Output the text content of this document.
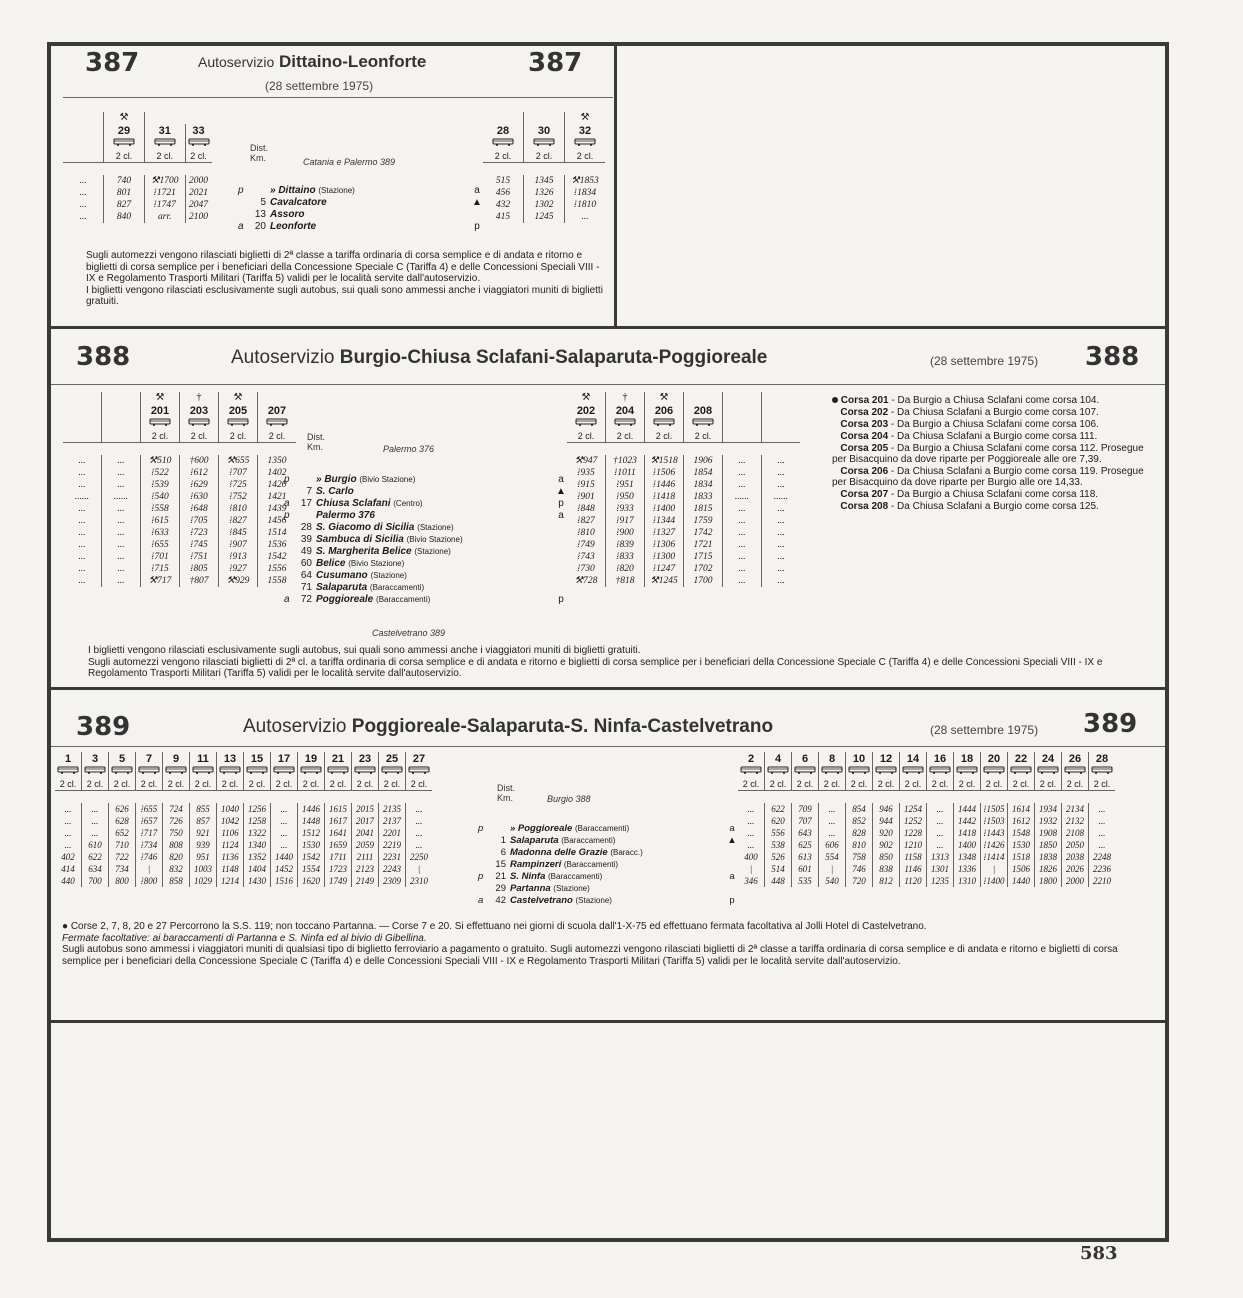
387	Autoservizio Dittaino-Leonforte	387
(28 settembre 1975)
	⚒		
	29	31	33

	2 cl.	2 cl.	2 cl.

...	740	⚒1700	2000
...	801	⁞1721	2021
...	827	⁞1747	2047
...	840	arr.	2100
Dist.
Km.	Catania e Palermo 389
p	» Dittaino (Stazione)	a
5 Cavalcatore	▲
13 Assoro
a 20 Leonforte	p
		⚒
28	30	32

2 cl.	2 cl.	2 cl.

515	1345	⚒1853
456	1326	⁞1834
432	1302	⁞1810
415	1245	...

Sugli automezzi vengono rilasciati biglietti di 2ª classe a tariffa ordinaria di corsa semplice e di andata e ritorno e biglietti di corsa semplice per i beneficiari della Concessione Speciale C (Tariffa 4) e delle Concessioni Speciali VIII - IX e Regolamento Trasporti Militari (Tariffa 5) validi per le località servite dall'autoservizio.

I biglietti vengono rilasciati esclusivamente sugli autobus, sui quali sono ammessi anche i viaggiatori muniti di biglietti gratuiti.

388	Autoservizio Burgio-Chiusa Sclafani-Salaparuta-Poggioreale	(28 settembre 1975) 388
		⚒	†	⚒	
		201	203	205	207

		2 cl.	2 cl.	2 cl.	2 cl.

...	...	⚒510	†600	⚒655	1350
...	...	⁞522	⁞612	⁞707	1402
...	...	⁞539	⁞629	⁞725	1420
......	......	⁞540	⁞630	⁞752	1421
...	...	⁞558	⁞648	⁞810	1439
...	...	⁞615	⁞705	⁞827	1456
...	...	⁞633	⁞723	⁞845	1514
...	...	⁞655	⁞745	⁞907	1536
...	...	⁞701	⁞751	⁞913	1542
...	...	⁞715	⁞805	⁞927	1556
...	...	⚒717	†807	⚒929	1558
Dist.
Km.	Palermo 376
p	» Burgio (Bivio Stazione)	a
7 S. Carlo	▲
a 17 Chiusa Sclafani (Centro)	p
p	Palermo 376	a
28 S. Giacomo di Sicilia (Stazione)
39 Sambuca di Sicilia (Bivio Stazione)
49 S. Margherita Belice (Stazione)
60 Belice (Bivio Stazione)
64 Cusumano (Stazione)
71 Salaparuta (Baraccamenti)
a 72 Poggioreale (Baraccamenti)	p
Castelvetrano 389
⚒	†	⚒			
202	204	206	208		

2 cl.	2 cl.	2 cl.	2 cl.		

⚒947	†1023	⚒1518	1906	...	...
⁞935	⁞1011	⁞1506	1854	...	...
⁞915	⁞951	⁞1446	1834	...	...
⁞901	⁞950	⁞1418	1833	......	......
⁞848	⁞933	⁞1400	1815	...	...
⁞827	⁞917	⁞1344	1759	...	...
⁞810	⁞900	⁞1327	1742	...	...
⁞749	⁞839	⁞1306	1721	...	...
⁞743	⁞833	⁞1300	1715	...	...
⁞730	⁞820	⁞1247	1702	...	...
⚒728	†818	⚒1245	1700	...	...
Corsa 201 - Da Burgio a Chiusa Sclafani come corsa 104.
Corsa 202 - Da Chiusa Sclafani a Burgio come corsa 107.
Corsa 203 - Da Burgio a Chiusa Sclafani come corsa 106.
Corsa 204 - Da Chiusa Sclafani a Burgio come corsa 111.
Corsa 205 - Da Burgio a Chiusa Sclafani come corsa 112. Prosegue per Bisacquino da dove riparte per Poggioreale alle ore 7,39.
Corsa 206 - Da Chiusa Sclafani a Burgio come corsa 119. Prosegue per Bisacquino da dove riparte per Burgio alle ore 14,33.
Corsa 207 - Da Burgio a Chiusa Sclafani come corsa 118.
Corsa 208 - Da Chiusa Sclafani a Burgio come corsa 125.

I biglietti vengono rilasciati esclusivamente sugli autobus, sui quali sono ammessi anche i viaggiatori muniti di biglietti gratuiti.

Sugli automezzi vengono rilasciati biglietti di 2ª cl. a tariffa ordinaria di corsa semplice e di andata e ritorno e biglietti di corsa semplice per i beneficiari della Concessione Speciale C (Tariffa 4) e delle Concessioni Speciali VIII - IX e Regolamento Trasporti Militari (Tariffa 5) validi per le località servite dall'autoservizio.

389	Autoservizio Poggioreale-Salaparuta-S. Ninfa-Castelvetrano	(28 settembre 1975) 389
1	3	5	7	9	11	13	15	17	19	21	23	25	27

2 cl.	2 cl.	2 cl.	2 cl.	2 cl.	2 cl.	2 cl.	2 cl.	2 cl.	2 cl.	2 cl.	2 cl.	2 cl.	2 cl.

...	...	626	⁞655	724	855	1040	1256	...	1446	1615	2015	2135	...
...	...	628	⁞657	726	857	1042	1258	...	1448	1617	2017	2137	...
...	...	652	⁞717	750	921	1106	1322	...	1512	1641	2041	2201	...
...	610	710	⁞734	808	939	1124	1340	...	1530	1659	2059	2219	...
402	622	722	⁞746	820	951	1136	1352	1440	1542	1711	2111	2231	2250
414	634	734	|	832	1003	1148	1404	1452	1554	1723	2123	2243	|
440	700	800	⁞800	858	1029	1214	1430	1516	1620	1749	2149	2309	2310
Dist.
Km.	Burgio 388
p	» Poggioreale (Baraccamenti)	a
1 Salaparuta (Baraccamenti)	▲
6 Madonna delle Grazie (Baracc.)
15 Rampinzeri (Baraccamenti)
p 21 S. Ninfa (Baraccamenti)	a
29 Partanna (Stazione)
a 42 Castelvetrano (Stazione)	p
2	4	6	8	10	12	14	16	18	20	22	24	26	28

2 cl.	2 cl.	2 cl.	2 cl.	2 cl.	2 cl.	2 cl.	2 cl.	2 cl.	2 cl.	2 cl.	2 cl.	2 cl.	2 cl.

...	622	709	...	854	946	1254	...	1444	⁞1505	1614	1934	2134	...
...	620	707	...	852	944	1252	...	1442	⁞1503	1612	1932	2132	...
...	556	643	...	828	920	1228	...	1418	⁞1443	1548	1908	2108	...
...	538	625	606	810	902	1210	...	1400	⁞1426	1530	1850	2050	...
400	526	613	554	758	850	1158	1313	1348	⁞1414	1518	1838	2038	2248
|	514	601	|	746	838	1146	1301	1336	|	1506	1826	2026	2236
346	448	535	540	720	812	1120	1235	1310	⁞1400	1440	1800	2000	2210

● Corse 2, 7, 8, 20 e 27 Percorrono la S.S. 119; non toccano Partanna. — Corse 7 e 20. Si effettuano nei giorni di scuola dall'1-X-75 ed effettuano fermata facoltativa al Jolli Hotel di Castelvetrano.

Fermate facoltative: ai baraccamenti di Partanna e S. Ninfa ed al bivio di Gibellina.

Sugli autobus sono ammessi i viaggiatori muniti di qualsiasi tipo di biglietto ferroviario a pagamento o gratuito. Sugli automezzi vengono rilasciati biglietti di 2ª classe a tariffa ordinaria di corsa semplice e di andata e ritorno e biglietti di corsa semplice per i beneficiari della Concessione Speciale C (Tariffa 4) e delle Concessioni Speciali VIII - IX e Regolamento Trasporti Militari (Tariffa 5) validi per le località servite dall'autoservizio.

583
